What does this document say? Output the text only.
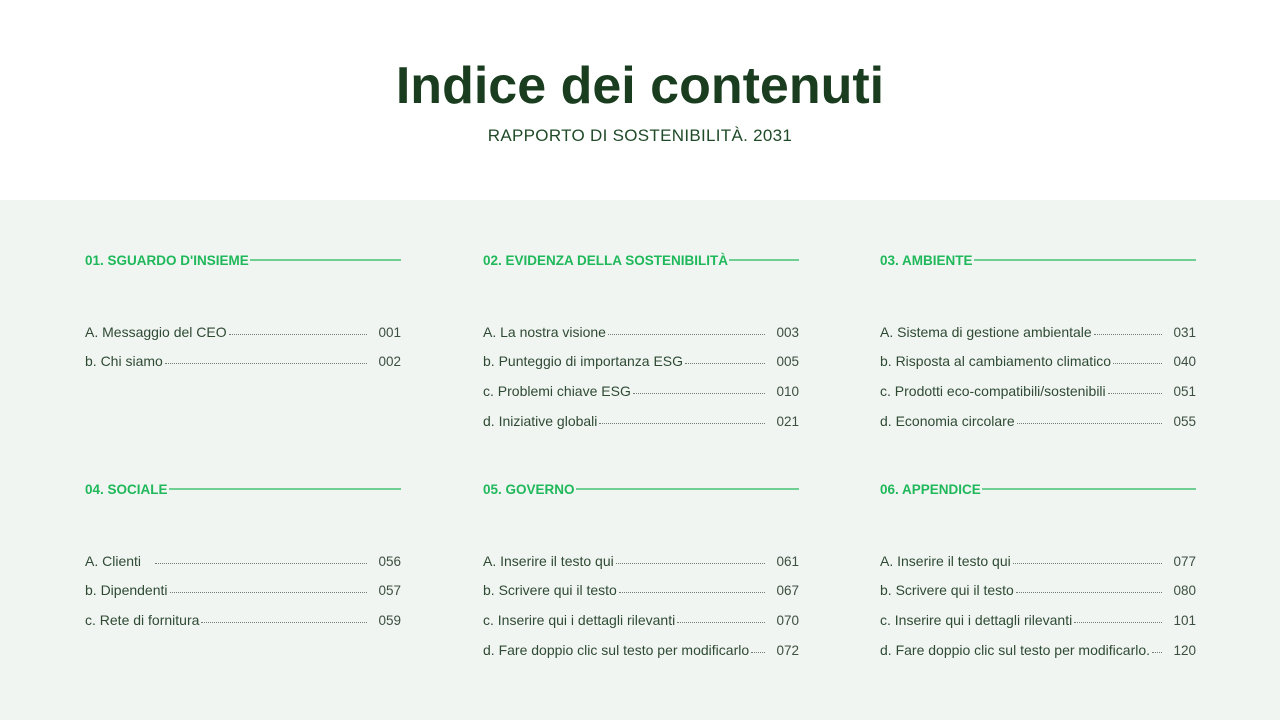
Indice dei contenuti
RAPPORTO DI SOSTENIBILITÀ. 2031
01. SGUARDO D'INSIEME
A. Messaggio del CEO	001
b. Chi siamo	002
02. EVIDENZA DELLA SOSTENIBILITÀ
A. La nostra visione	003
b. Punteggio di importanza ESG	005
c. Problemi chiave ESG	010
d. Iniziative globali	021
03. AMBIENTE
A. Sistema di gestione ambientale	031
b. Risposta al cambiamento climatico	040
c. Prodotti eco-compatibili/sostenibili	051
d. Economia circolare	055
04. SOCIALE
A. Clienti	056
b. Dipendenti	057
c. Rete di fornitura	059
05. GOVERNO
A. Inserire il testo qui	061
b. Scrivere qui il testo	067
c. Inserire qui i dettagli rilevanti	070
d. Fare doppio clic sul testo per modificarlo 072
06. APPENDICE
A. Inserire il testo qui	077
b. Scrivere qui il testo	080
c. Inserire qui i dettagli rilevanti	101
d. Fare doppio clic sul testo per modificarlo. 120
